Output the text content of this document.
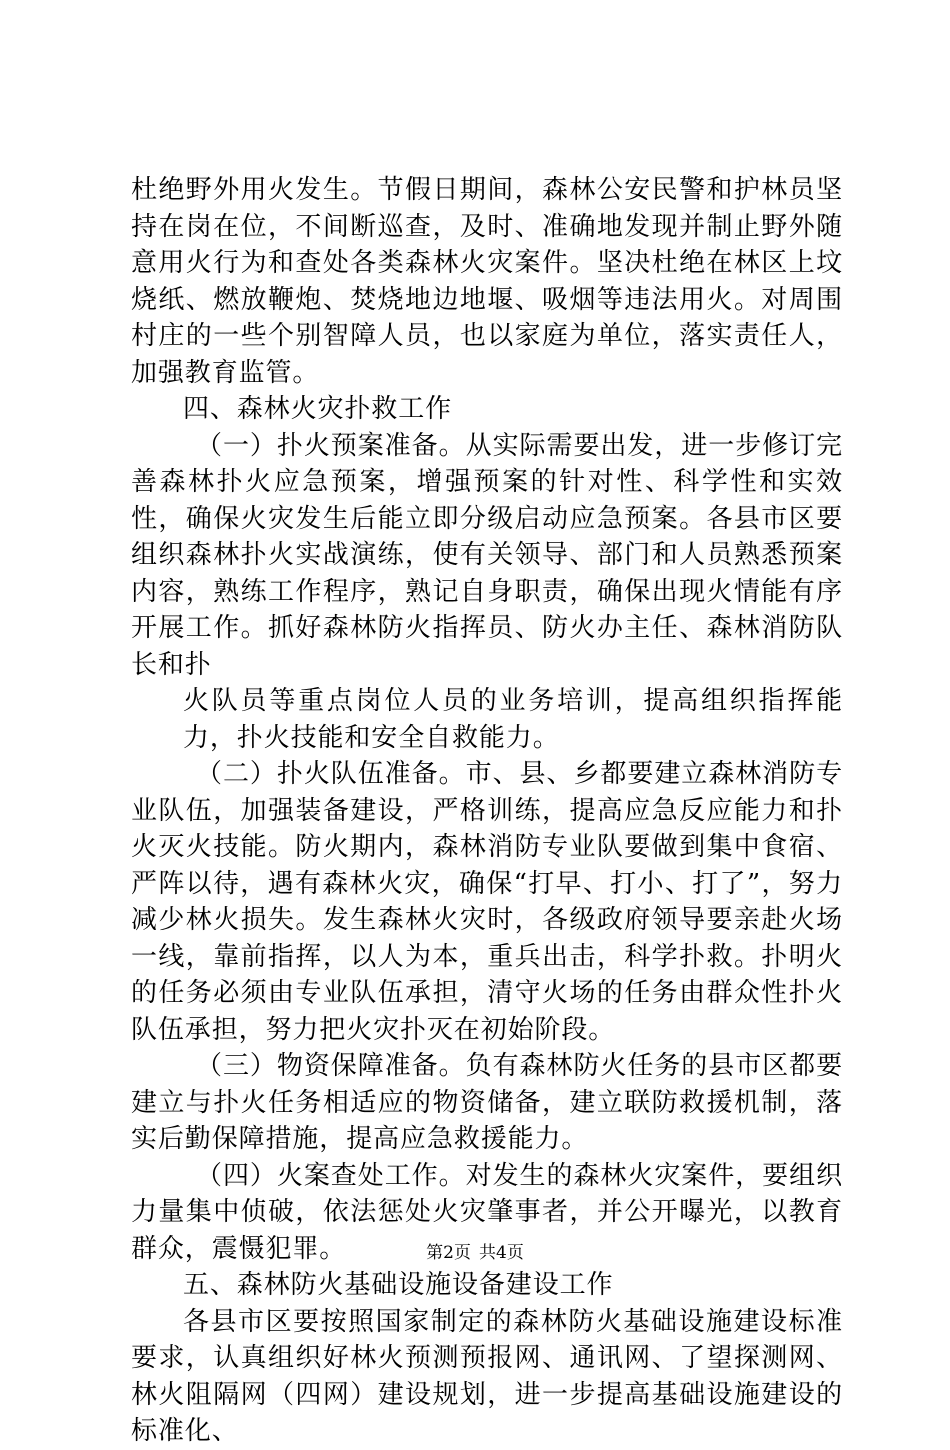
杜绝野外用火发生。节假日期间，森林公安民警和护林员坚持在岗在位，不间断巡查，及时、准确地发现并制止野外随意用火行为和查处各类森林火灾案件。坚决杜绝在林区上坟烧纸、燃放鞭炮、焚烧地边地堰、吸烟等违法用火。对周围村庄的一些个别智障人员，也以家庭为单位，落实责任人，加强教育监管。

四、森林火灾扑救工作

（一）扑火预案准备。从实际需要出发，进一步修订完善森林扑火应急预案，增强预案的针对性、科学性和实效性，确保火灾发生后能立即分级启动应急预案。各县市区要组织森林扑火实战演练，使有关领导、部门和人员熟悉预案内容，熟练工作程序，熟记自身职责，确保出现火情能有序开展工作。抓好森林防火指挥员、防火办主任、森林消防队长和扑

火队员等重点岗位人员的业务培训，提高组织指挥能力，扑火技能和安全自救能力。

（二）扑火队伍准备。市、县、乡都要建立森林消防专业队伍，加强装备建设，严格训练，提高应急反应能力和扑火灭火技能。防火期内，森林消防专业队要做到集中食宿、严阵以待，遇有森林火灾，确保“打早、打小、打了”，努力减少林火损失。发生森林火灾时，各级政府领导要亲赴火场一线，靠前指挥，以人为本，重兵出击，科学扑救。扑明火的任务必须由专业队伍承担，清守火场的任务由群众性扑火队伍承担，努力把火灾扑灭在初始阶段。

（三）物资保障准备。负有森林防火任务的县市区都要建立与扑火任务相适应的物资储备，建立联防救援机制，落实后勤保障措施，提高应急救援能力。

（四）火案查处工作。对发生的森林火灾案件，要组织力量集中侦破，依法惩处火灾肇事者，并公开曝光，以教育群众，震慑犯罪。

五、森林防火基础设施设备建设工作

各县市区要按照国家制定的森林防火基础设施建设标准要求，认真组织好林火预测预报网、通讯网、了望探测网、林火阻隔网（四网）建设规划，进一步提高基础设施建设的标准化、

第2页 共4页
